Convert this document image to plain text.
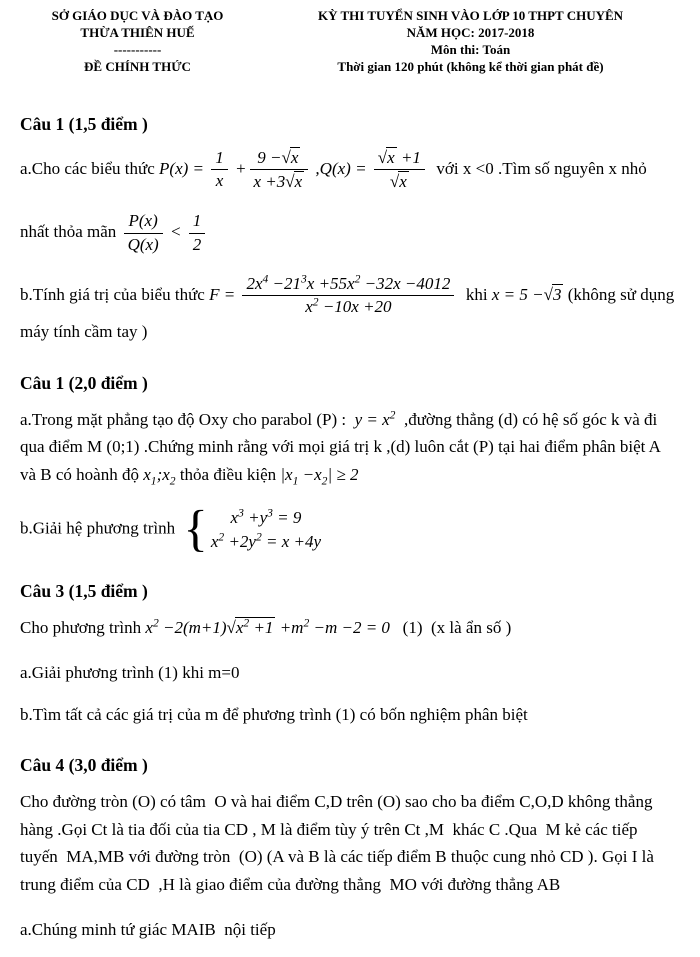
SỞ GIÁO DỤC VÀ ĐÀO TẠO
THỪA THIÊN HUẾ
-----------
ĐỀ CHÍNH THỨC
KỲ THI TUYỂN SINH VÀO LỚP 10 THPT CHUYÊN
NĂM HỌC: 2017-2018
Môn thi: Toán
Thời gian 120 phút (không kể thời gian phát đề)
Câu 1 (1,5 điểm )

a.Cho các biểu thức $P(x) = \frac{1}{x} + \frac{9 -√x}{x +3√x} ,Q(x) = \frac{√x +1}{√x}$ với x <0 .Tìm số nguyên x nhỏ

nhất thỏa mãn $\frac{P(x)}{Q(x)} < \frac{1}{2}$

b.Tính giá trị của biểu thức $F = \frac{2x^4 -21^3x +55x^2 -32x -4012}{x^2 -10x +20}$ khi x = 5 −√3 (không sử dụng máy tính cầm tay )

Câu 1 (2,0 điểm )

a.Trong mặt phẳng tạo độ Oxy cho parabol (P) :  $y = x^2$  ,đường thẳng (d) có hệ số góc k và đi qua điểm M (0;1) .Chứng minh rằng với mọi giá trị k ,(d) luôn cắt (P) tại hai điểm phân biệt A và B có hoành độ $x_1;x_2$ thỏa điều kiện $|x_1 -x_2| \ge 2$

b.Giải hệ phương trình { $x^3 +y^3 = 9$
$x^2 +2y^2 = x +4y$

Câu 3 (1,5 điểm )

Cho phương trình $x^2 -2(m+1)√x^2 +1 +m^2 -m -2 = 0$   (1)  (x là ẩn số )

a.Giải phương trình (1) khi m=0

b.Tìm tất cả các giá trị của m để phương trình (1) có bốn nghiệm phân biệt

Câu 4 (3,0 điểm )

Cho đường tròn (O) có tâm  O và hai điểm C,D trên (O) sao cho ba điểm C,O,D không thẳng hàng .Gọi Ct là tia đối của tia CD , M là điểm tùy ý trên Ct ,M  khác C .Qua  M kẻ các tiếp tuyến  MA,MB với đường tròn  (O) (A và B là các tiếp điểm B thuộc cung nhỏ CD ). Gọi I là trung điểm của CD  ,H là giao điểm của đường thẳng  MO với đường thẳng AB

a.Chúng minh tứ giác MAIB  nội tiếp
